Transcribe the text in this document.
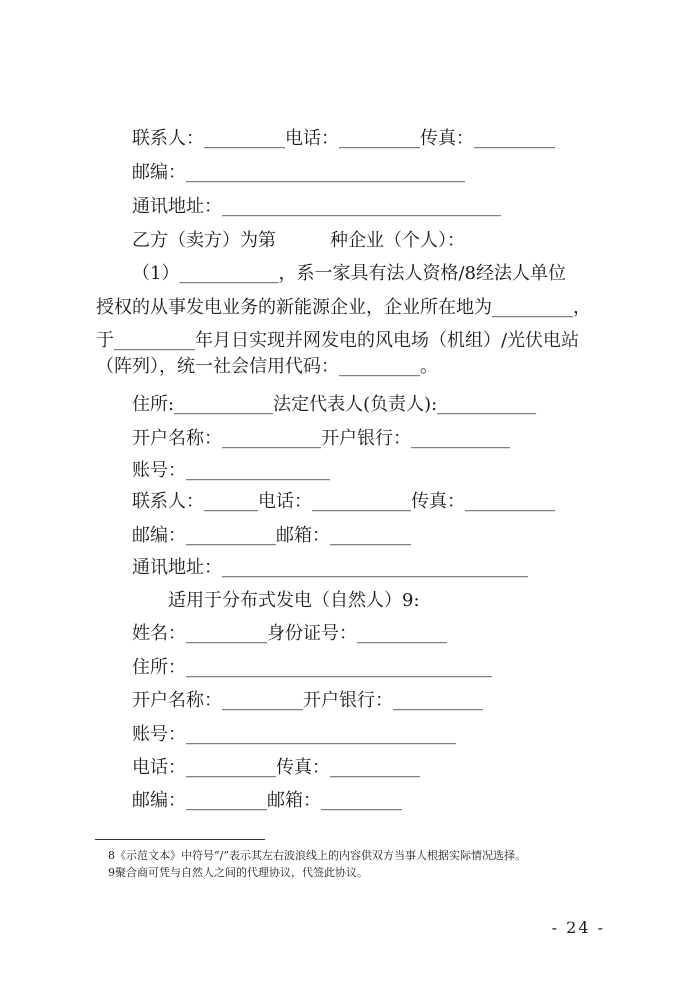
联系人：_________电话：_________传真：_________
邮编：_______________________________
通讯地址：_______________________________
乙方（卖方）为第　　　种企业（个人）：
（1）___________，系一家具有法人资格/8经法人单位
授权的从事发电业务的新能源企业，企业所在地为_________，
于_________年月日实现并网发电的风电场（机组）/光伏电站
（阵列），统一社会信用代码：_________。
住所:___________法定代表人(负责人):___________
开户名称：___________开户银行：___________
账号：________________
联系人：______电话：___________传真：__________
邮编：__________邮箱：_________
通讯地址：__________________________________
适用于分布式发电（自然人）9:
姓名：_________身份证号：__________
住所：__________________________________
开户名称：_________开户银行：__________
账号：______________________________
电话：__________传真：__________
邮编：_________邮箱：_________
8《示范文本》中符号“/”表示其左右波浪线上的内容供双方当事人根据实际情况选择。
9聚合商可凭与自然人之间的代理协议，代签此协议。
- 24 -
